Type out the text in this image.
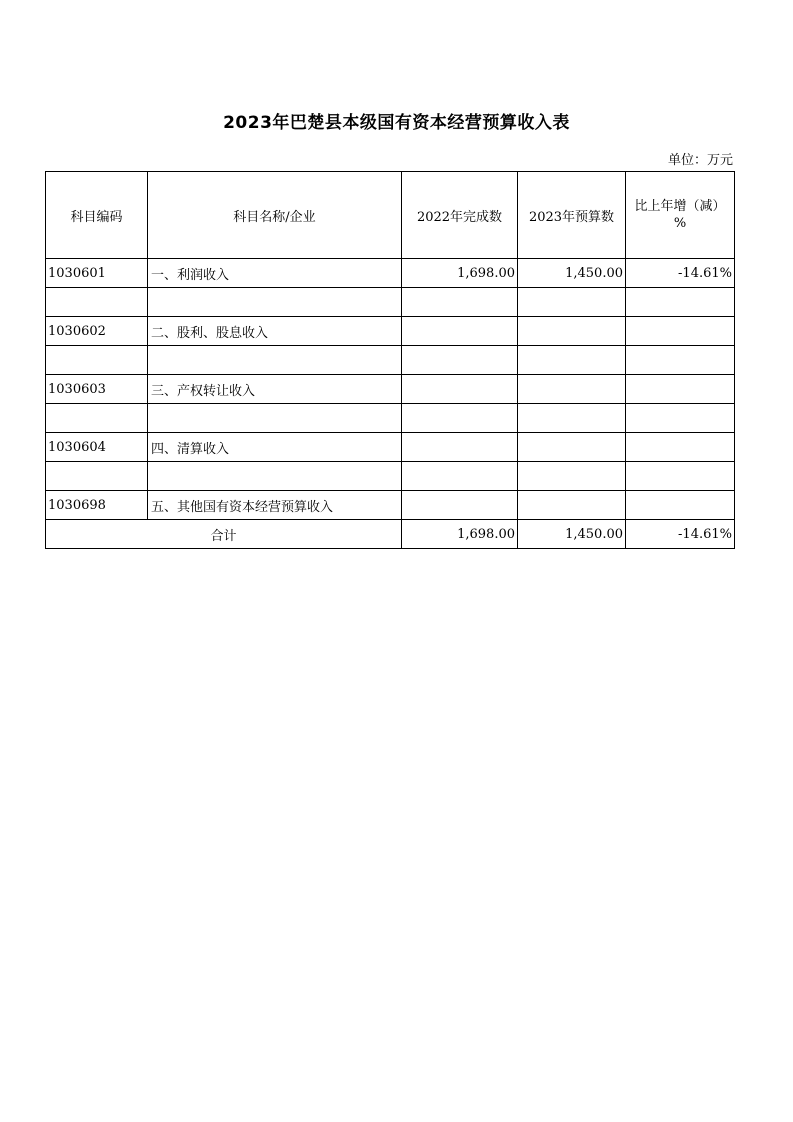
2023年巴楚县本级国有资本经营预算收入表
单位：万元
科目编码	科目名称/企业	2022年完成数	2023年预算数	比上年增（减）
%
1030601	一、利润收入	1,698.00	1,450.00	-14.61%

1030602	二、股利、股息收入			

1030603	三、产权转让收入			

1030604	四、清算收入			

1030698	五、其他国有资本经营预算收入			
合计		1,698.00	1,450.00	-14.61%
